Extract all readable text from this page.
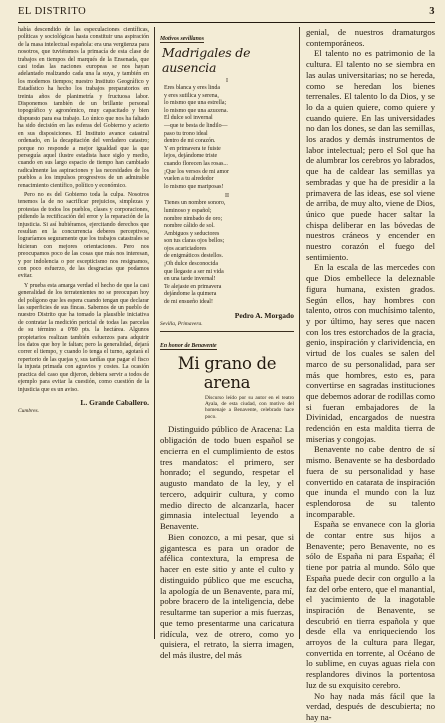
EL DISTRITO	3

había descendido de las especulaciones científicas, políticas y sociológicas hasta constituir una aspiración de la masa intelectual española: era una vergüenza para nosotros, que tuviéramos la primacía de esta clase de trabajos en tiempos del marqués de la Ensenada, que casi todas las naciones europeas se nos hayan adelantado realizando cada una la suya, y también en los modernos tiempos; nuestro Instituto Geográfico y Estadístico ha hecho los trabajos preparatorios en treinta años de planimetría y fructuosa labor. Disponemos también de un brillante personal topográfico y agronómico, muy capacitado y bien dispuesto para esa trabajo. Lo único que nos ha faltado ha sido decisión en las esferas del Gobierno y acierto en sus disposiciones. El Instituto avance catastral ordenado, en la decapitación del verdadero catastro; porque no responde a mejor igualdad que la que perseguía aquel ilustre estadista hace siglo y medio, cuando en sus largo espacio de tiempo han cambiado radicalmente las aspiraciones y las necesidades de los pueblos a los impulsos progresivos de un admirable renacimiento científico, político y económico.

Pero no es del Gobierno toda la culpa. Nosotros tenemos la de no sacrificar prejuicios, simplezas y protestas de todos los pueblos, clases y corporaciones, pidiendo la rectificación del error y la reparación de la injusticia. Si así hubiéramos, ejercitando derechos que resultan en la concurrencia deberes perceptivos, lograríamos seguramente que los trabajos catastrales se hicieran con mejores orientaciones. Pero nos preocupamos poco de las cosas que más nos interesan, y por indolencia o por escepticismo nos resignamos, con poco esfuerzo, de las desgracias que podamos evitar.

Y prueba esta amarga verdad el hecho de que la casi generalidad de los terratenientes no se preocupan hoy del polígono que les espera cuando tengan que declarar las superficies de sus fincas. Sabemos de un pueblo de nuestro Distrito que ha tomado la plausible iniciativa de contratar la medición pericial de todas las parcelas de su término a 0'80 pts. la hectárea. Algunos propietarios realizan también esfuerzos para adquirir los datos que hoy le faltan; pero la generalidad, dejará correr el tiempo, y cuando lo tenga el turno, agotará el repertorio de las quejas y, sus tardías que pagar el fisco la injusta primada con agravios y costes. La ocasión practica del caso que dijeron, debiera servir a todos de ejemplo para evitar la cuestión, como cuestión de la injusticia que es un aviso.

L. Grande Caballero.
Cumbres.
Motivos sevillanos
Madrigales de ausencia
I
Eres blanca y eres linda
y eres sutilica y serena,
lo mismo que una estrella;
lo mismo que una azucena.
El dulce sol invernal
—que te besta de lindilo—
paso tu trono ideal
dentro de mi corazón.
Y en primavera te fuiste
lejos, dejándome triste
cuando florecen las rosas...
¡Que los versos de mi amor
vuelen a tu alrededor
lo mismo que mariposas!
II
Tienes un nombre sonoro,
luminoso y español;
nombre nimbado de oro;
nombre cálido de sol.
Ambiguos y seductores
son tus claras ojos bellos;
ojos acariciadores
de enigmáticos destellos.
¡Oh dulce desconocida
que llegaste a ser mi vida
en una tarde invernal!
Te alejaste en primavera
dejándome la quimera
de mi ensueño ideal!
Pedro A. Morgado
Sevilla, Primavera.
En honor de Benavente
Mi grano de arena
Discurso leído por su autor en el teatro Ayala, de esta ciudad, con motivo del homenaje a Benavente, celebrado hace poco.

Distinguido público de Aracena: La obligación de todo buen español se encierra en el cumplimiento de estos tres mandatos: el primero, ser honrado; el segundo, respetar el augusto mandato de la ley, y el tercero, adquirir cultura, y como medio directo de alcanzarla, hacer gimnasia intelectual leyendo a Benavente.

Bien conozco, a mi pesar, que si gigantesca es para un orador de afélica contextura, la empresa de hacer en este sitio y ante el culto y distinguido público que me escucha, la apología de un Benavente, para mí, pobre bracero de la inteligencia, debe resultarme tan superior a mis fuerzas, que temo presentarme una caricatura ridícula, vez de otrero, como yo quisiera, el retrato, la sierra imagen, del más ilustre, del más

genial, de nuestros dramaturgos contemporáneos.

El talento no es patrimonio de la cultura. El talento no se siembra en las aulas universitarias; no se hereda, como se heredan los bienes terrenales. El talento lo da Dios, y se lo da a quien quiere, como quiere y cuando quiere. En las universidades no dan los dones, se dan las semillas, los arados y demás instrumentos de labor intelectual; pero el Sol que ha de alumbrar los cerebros yo labrados, que ha de caldear las semillas ya sembradas y que ha de presidir a la primavera de las ideas, ese sol viene de arriba, de muy alto, viene de Dios, único que puede hacer saltar la chispa deliberar en las bóvedas de nuestros cráneos y encender en nuestro corazón el fuego del sentimiento.

En la escala de las mercedes con que Dios embellece la deleznable figura humana, existen grados. Según ellos, hay hombres con talento, otros con muchísimo talento, y por último, hay seres que nacen con los tres estorchados de la gracia, genio, inspiración y clarividencia, en virtud de los cuales se salen del marco de su personalidad, para ser más que hombres, esto es, para convertirse en sagradas instituciones que debemos adorar de rodillas como si fueran embajadores de la Divinidad, encargados de nuestra redención en esta maldita tierra de miserias y congojas.

Benavente no cabe dentro de sí mismo. Benavente se ha desbordado fuera de su personalidad y hase convertido en catarata de inspiración que inunda el mundo con la luz esplendorosa de su talento incomparable.

España se envanece con la gloria de contar entre sus hijos a Benavente; pero Benavente, no es sólo de España ni para España; él tiene por patria al mundo. Sólo que España puede decir con orgullo a la faz del orbe entero, que el manantial, el yacimiento de la inagotable inspiración de Benavente, se descubrió en tierra española y que desde ella va enriqueciendo los arroyos de la cultura para llegar, convertida en torrente, al Océano de lo sublime, en cuyas aguas riela con resplandores divinos la portentosa luz de su exquisito cerebro.

No hay nada más fácil que la verdad, después de descubierta; no hay na-
